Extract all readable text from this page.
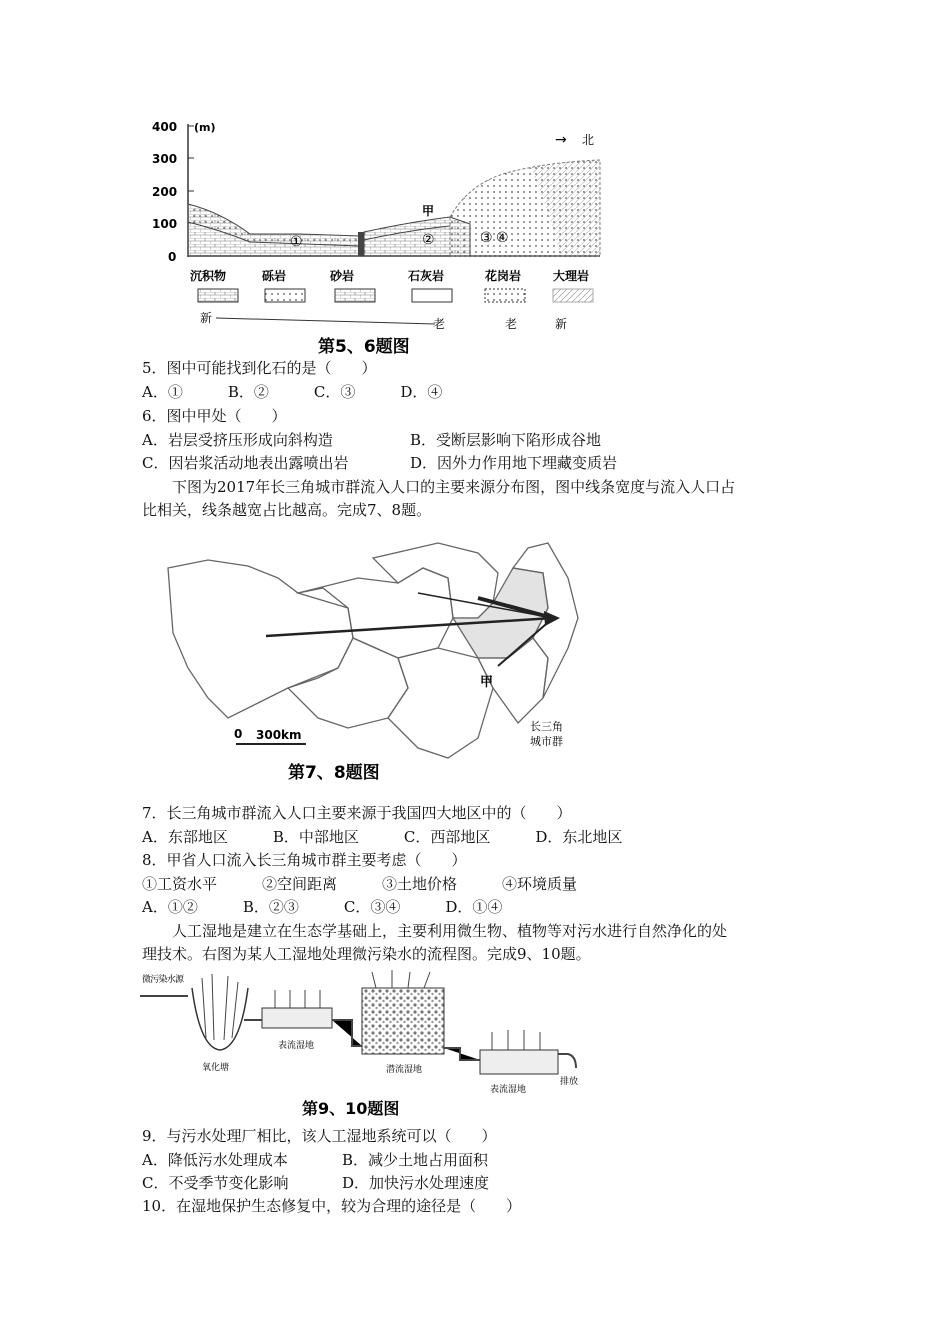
400 (m)
300
200
100
0
→ 北
甲
①	②	③ ④
沉积物	砾岩	砂岩	石灰岩	花岗岩	大理岩
新	老	老	新
第5、6题图
5．图中可能找到化石的是（　　）
A．①　　　B．②　　　C．③　　　D．④
6．图中甲处（　　）
A．岩层受挤压形成向斜构造	B．受断层影响下陷形成谷地
C．因岩浆活动地表出露喷出岩	D．因外力作用地下埋藏变质岩
　　下图为2017年长三角城市群流入人口的主要来源分布图，图中线条宽度与流入人口占
比相关，线条越宽占比越高。完成7、8题。
甲
0 300km
长三角
城市群
第7、8题图
7．长三角城市群流入人口主要来源于我国四大地区中的（　　）
A．东部地区　　　B．中部地区　　　C．西部地区　　　D．东北地区
8．甲省人口流入长三角城市群主要考虑（　　）
①工资水平　　　②空间距离　　　③土地价格　　　④环境质量
A．①②　　　B．②③　　　C．③④　　　D．①④
　　人工湿地是建立在生态学基础上，主要利用微生物、植物等对污水进行自然净化的处
理技术。右图为某人工湿地处理微污染水的流程图。完成9、10题。
微污染水源
氧化塘
表流湿地
潜流湿地
表流湿地
排放
第9、10题图
9．与污水处理厂相比，该人工湿地系统可以（　　）
A．降低污水处理成本	B．减少土地占用面积
C．不受季节变化影响	D．加快污水处理速度
10．在湿地保护生态修复中，较为合理的途径是（　　）
